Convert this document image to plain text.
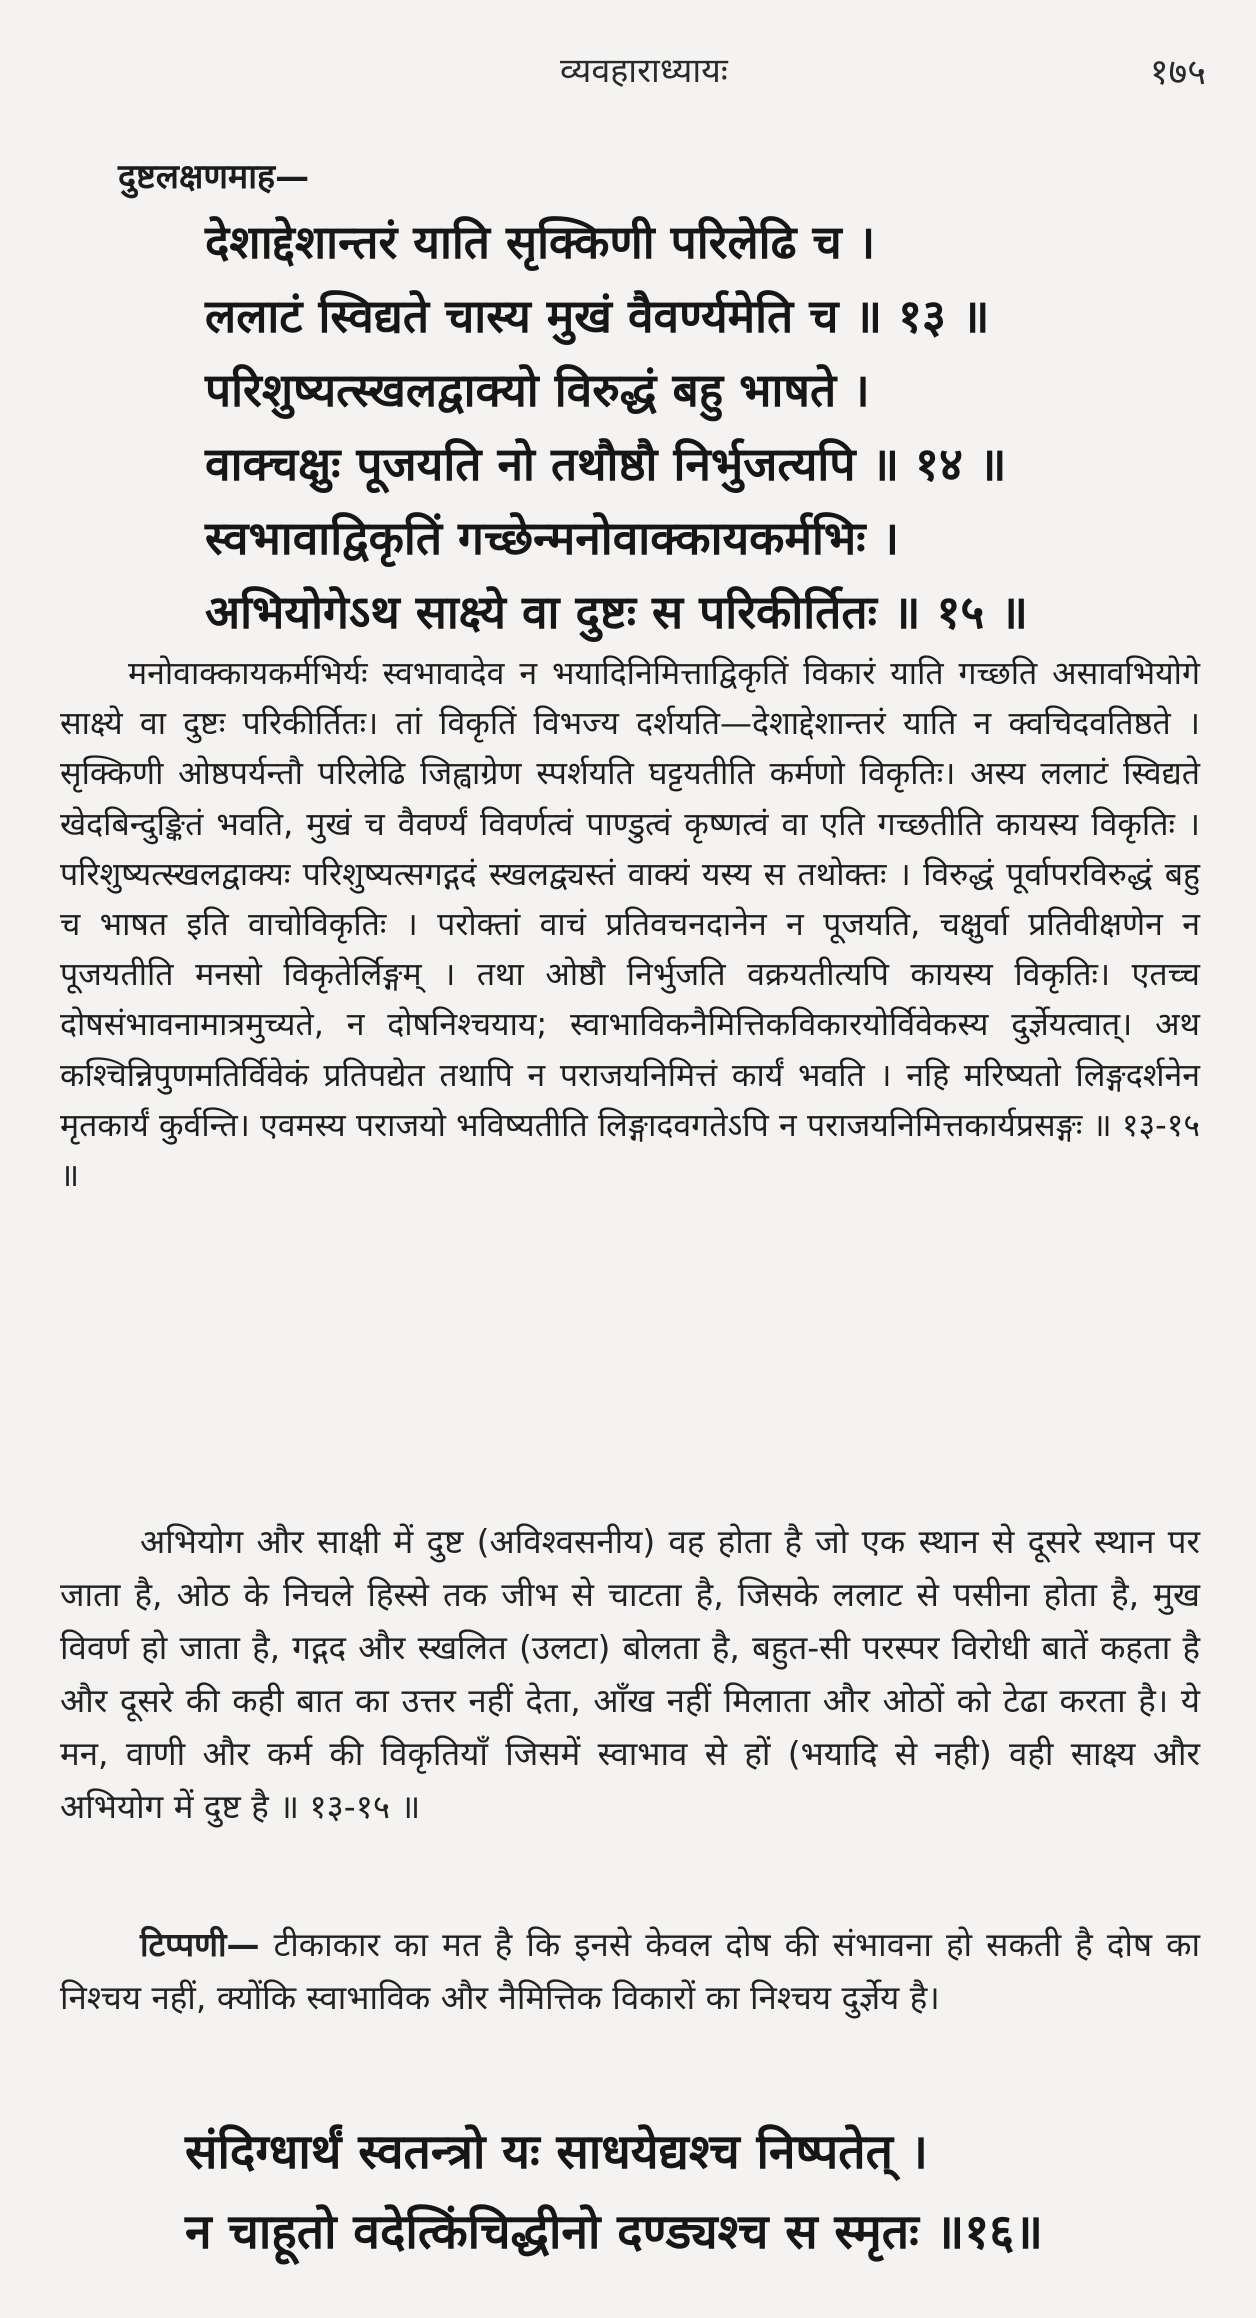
व्यवहाराध्यायः	१७५
दुष्टलक्षणमाह—
देशाद्देशान्तरं याति सृक्किणी परिलेढि च ।
ललाटं स्विद्यते चास्य मुखं वैवर्ण्यमेति च ॥ १३ ॥
परिशुष्यत्स्खलद्वाक्यो विरुद्धं बहु भाषते ।
वाक्चक्षुः पूजयति नो तथौष्ठौ निर्भुजत्यपि ॥ १४ ॥
स्वभावाद्विकृतिं गच्छेन्मनोवाक्कायकर्मभिः ।
अभियोगेऽथ साक्ष्ये वा दुष्टः स परिकीर्तितः ॥ १५ ॥

मनोवाक्कायकर्मभिर्यः स्वभावादेव न भयादिनिमित्ताद्विकृतिं विकारं याति गच्छति असावभियोगे साक्ष्ये वा दुष्टः परिकीर्तितः। तां विकृतिं विभज्य दर्शयति—देशाद्देशान्तरं याति न क्वचिदवतिष्ठते । सृक्किणी ओष्ठपर्यन्तौ परिलेढि जिह्वाग्रेण स्पर्शयति घट्टयतीति कर्मणो विकृतिः। अस्य ललाटं स्विद्यते खेदबिन्दुङ्कितं भवति, मुखं च वैवर्ण्यं विवर्णत्वं पाण्डुत्वं कृष्णत्वं वा एति गच्छतीति कायस्य विकृतिः । परिशुष्यत्स्खलद्वाक्यः परिशुष्यत्सगद्गदं स्खलद्व्यस्तं वाक्यं यस्य स तथोक्तः । विरुद्धं पूर्वापरविरुद्धं बहु च भाषत इति वाचोविकृतिः । परोक्तां वाचं प्रतिवचनदानेन न पूजयति, चक्षुर्वा प्रतिवीक्षणेन न पूजयतीति मनसो विकृतेर्लिङ्गम् । तथा ओष्ठौ निर्भुजति वक्रयतीत्यपि कायस्य विकृतिः। एतच्च दोषसंभावनामात्रमुच्यते, न दोषनिश्चयाय; स्वाभाविकनैमित्तिकविकारयोर्विवेकस्य दुर्ज्ञेयत्वात्। अथ कश्चिन्निपुणमतिर्विवेकं प्रतिपद्येत तथापि न पराजयनिमित्तं कार्यं भवति । नहि मरिष्यतो लिङ्गदर्शनेन मृतकार्यं कुर्वन्ति। एवमस्य पराजयो भविष्यतीति लिङ्गादवगतेऽपि न पराजयनिमित्तकार्यप्रसङ्गः ॥ १३-१५ ॥

अभियोग और साक्षी में दुष्ट (अविश्वसनीय) वह होता है जो एक स्थान से दूसरे स्थान पर जाता है, ओठ के निचले हिस्से तक जीभ से चाटता है, जिसके ललाट से पसीना होता है, मुख विवर्ण हो जाता है, गद्गद और स्खलित (उलटा) बोलता है, बहुत-सी परस्पर विरोधी बातें कहता है और दूसरे की कही बात का उत्तर नहीं देता, आँख नहीं मिलाता और ओठों को टेढा करता है। ये मन, वाणी और कर्म की विकृतियाँ जिसमें स्वाभाव से हों (भयादि से नही) वही साक्ष्य और अभियोग में दुष्ट है ॥ १३-१५ ॥

टिप्पणी— टीकाकार का मत है कि इनसे केवल दोष की संभावना हो सकती है दोष का निश्चय नहीं, क्योंकि स्वाभाविक और नैमित्तिक विकारों का निश्चय दुर्ज्ञेय है।

संदिग्धार्थं स्वतन्त्रो यः साधयेद्यश्च निष्पतेत् ।
न चाहूतो वदेत्किंचिद्धीनो दण्ड्यश्च स स्मृतः ॥१६॥
